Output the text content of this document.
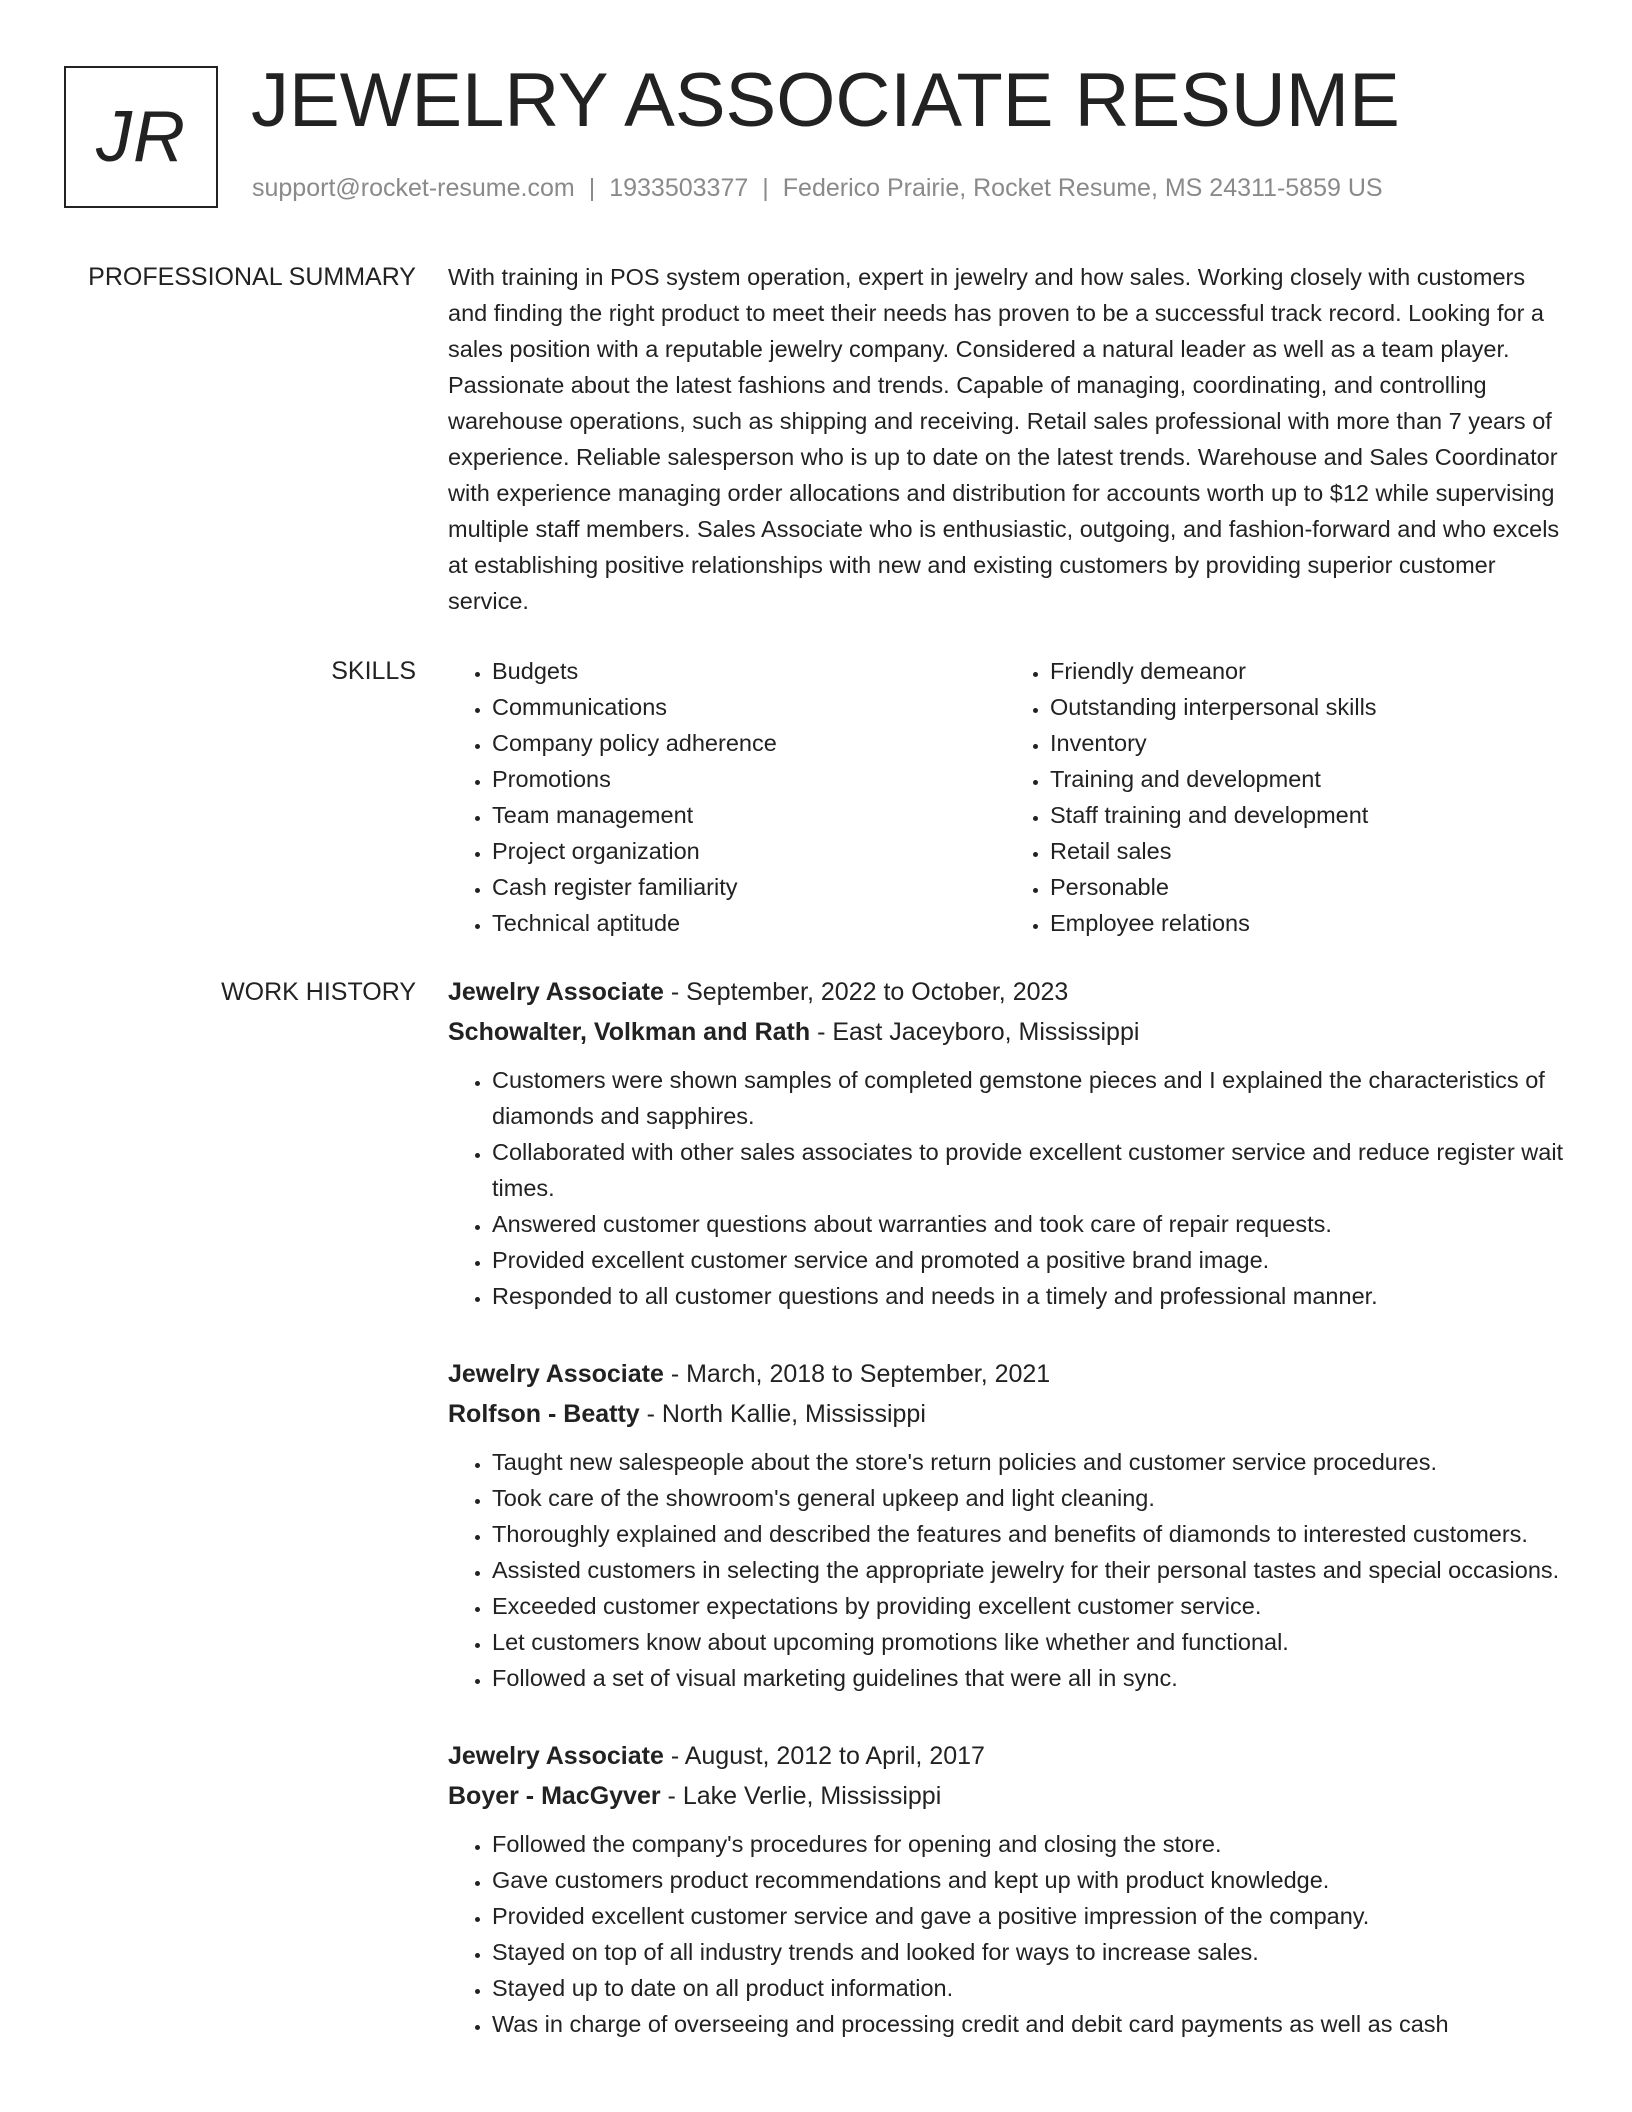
JR JEWELRY ASSOCIATE RESUME
support@rocket-resume.com | 1933503377 | Federico Prairie, Rocket Resume, MS 24311-5859 US
PROFESSIONAL SUMMARY With training in POS system operation, expert in jewelry and how sales. Working closely with customers and finding the right product to meet their needs has proven to be a successful track record. Looking for a sales position with a reputable jewelry company. Considered a natural leader as well as a team player. Passionate about the latest fashions and trends. Capable of managing, coordinating, and controlling warehouse operations, such as shipping and receiving. Retail sales professional with more than 7 years of experience. Reliable salesperson who is up to date on the latest trends. Warehouse and Sales Coordinator with experience managing order allocations and distribution for accounts worth up to $12 while supervising multiple staff members. Sales Associate who is enthusiastic, outgoing, and fashion-forward and who excels at establishing positive relationships with new and existing customers by providing superior customer service.

SKILLS
•	Budgets
• Communications
• Company policy adherence
• Promotions
• Team management
• Project organization
• Cash register familiarity
• Technical aptitude
• Friendly demeanor
• Outstanding interpersonal skills
• Inventory
• Training and development
• Staff training and development
• Retail sales
• Personable
• Employee relations
WORK HISTORY Jewelry Associate - September, 2022 to October, 2023
Schowalter, Volkman and Rath - East Jaceyboro, Mississippi
• Customers were shown samples of completed gemstone pieces and I explained the characteristics of diamonds and sapphires.
• Collaborated with other sales associates to provide excellent customer service and reduce register wait times.
• Answered customer questions about warranties and took care of repair requests.
• Provided excellent customer service and promoted a positive brand image.
• Responded to all customer questions and needs in a timely and professional manner.
Jewelry Associate - March, 2018 to September, 2021
Rolfson - Beatty - North Kallie, Mississippi
• Taught new salespeople about the store's return policies and customer service procedures.
• Took care of the showroom's general upkeep and light cleaning.
• Thoroughly explained and described the features and benefits of diamonds to interested customers.
• Assisted customers in selecting the appropriate jewelry for their personal tastes and special occasions.
• Exceeded customer expectations by providing excellent customer service.
• Let customers know about upcoming promotions like whether and functional.
• Followed a set of visual marketing guidelines that were all in sync.
Jewelry Associate - August, 2012 to April, 2017
Boyer - MacGyver - Lake Verlie, Mississippi
• Followed the company's procedures for opening and closing the store.
• Gave customers product recommendations and kept up with product knowledge.
• Provided excellent customer service and gave a positive impression of the company.
• Stayed on top of all industry trends and looked for ways to increase sales.
• Stayed up to date on all product information.
• Was in charge of overseeing and processing credit and debit card payments as well as cash
